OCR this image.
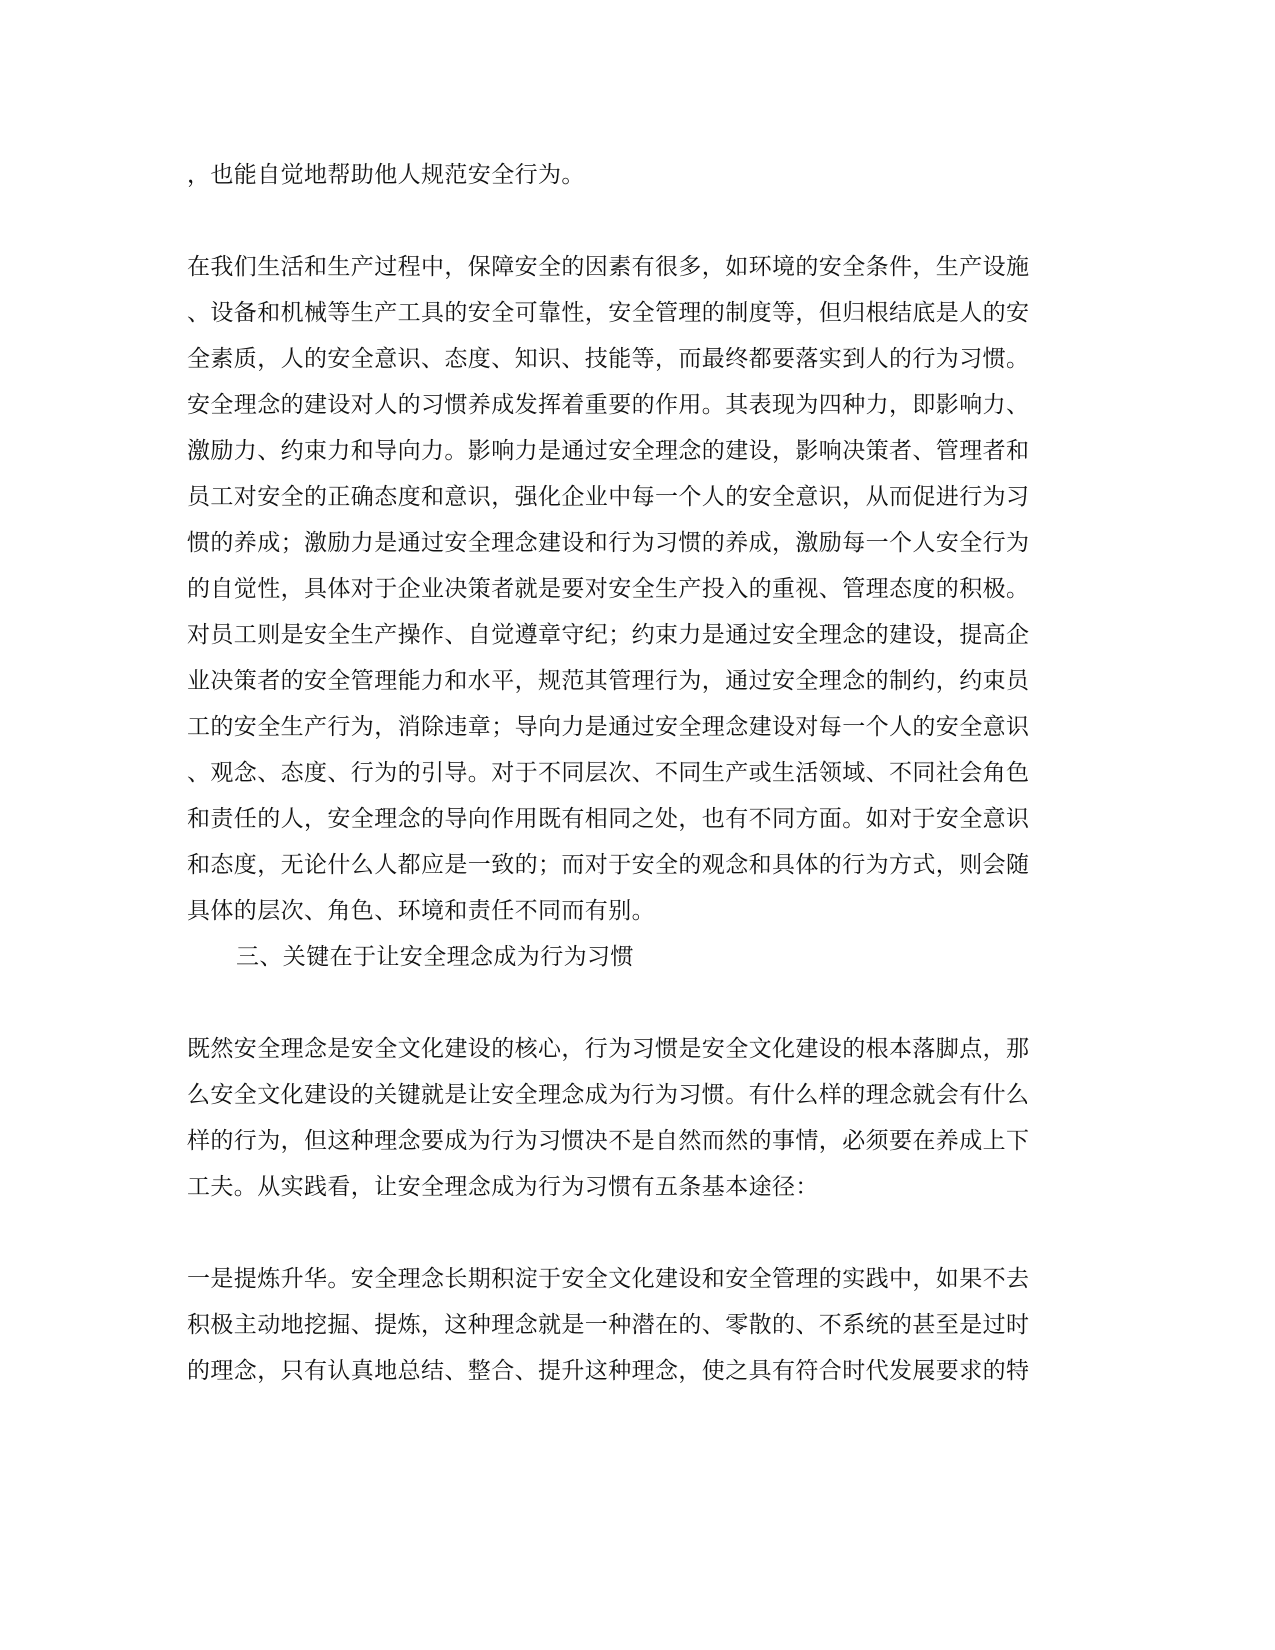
，也能自觉地帮助他人规范安全行为。
在我们生活和生产过程中，保障安全的因素有很多，如环境的安全条件，生产设施
、设备和机械等生产工具的安全可靠性，安全管理的制度等，但归根结底是人的安
全素质，人的安全意识、态度、知识、技能等，而最终都要落实到人的行为习惯。
安全理念的建设对人的习惯养成发挥着重要的作用。其表现为四种力，即影响力、
激励力、约束力和导向力。影响力是通过安全理念的建设，影响决策者、管理者和
员工对安全的正确态度和意识，强化企业中每一个人的安全意识，从而促进行为习
惯的养成；激励力是通过安全理念建设和行为习惯的养成，激励每一个人安全行为
的自觉性，具体对于企业决策者就是要对安全生产投入的重视、管理态度的积极。
对员工则是安全生产操作、自觉遵章守纪；约束力是通过安全理念的建设，提高企
业决策者的安全管理能力和水平，规范其管理行为，通过安全理念的制约，约束员
工的安全生产行为，消除违章；导向力是通过安全理念建设对每一个人的安全意识
、观念、态度、行为的引导。对于不同层次、不同生产或生活领域、不同社会角色
和责任的人，安全理念的导向作用既有相同之处，也有不同方面。如对于安全意识
和态度，无论什么人都应是一致的；而对于安全的观念和具体的行为方式，则会随
具体的层次、角色、环境和责任不同而有别。
三、关键在于让安全理念成为行为习惯
既然安全理念是安全文化建设的核心，行为习惯是安全文化建设的根本落脚点，那
么安全文化建设的关键就是让安全理念成为行为习惯。有什么样的理念就会有什么
样的行为，但这种理念要成为行为习惯决不是自然而然的事情，必须要在养成上下
工夫。从实践看，让安全理念成为行为习惯有五条基本途径：
一是提炼升华。安全理念长期积淀于安全文化建设和安全管理的实践中，如果不去
积极主动地挖掘、提炼，这种理念就是一种潜在的、零散的、不系统的甚至是过时
的理念，只有认真地总结、整合、提升这种理念，使之具有符合时代发展要求的特
